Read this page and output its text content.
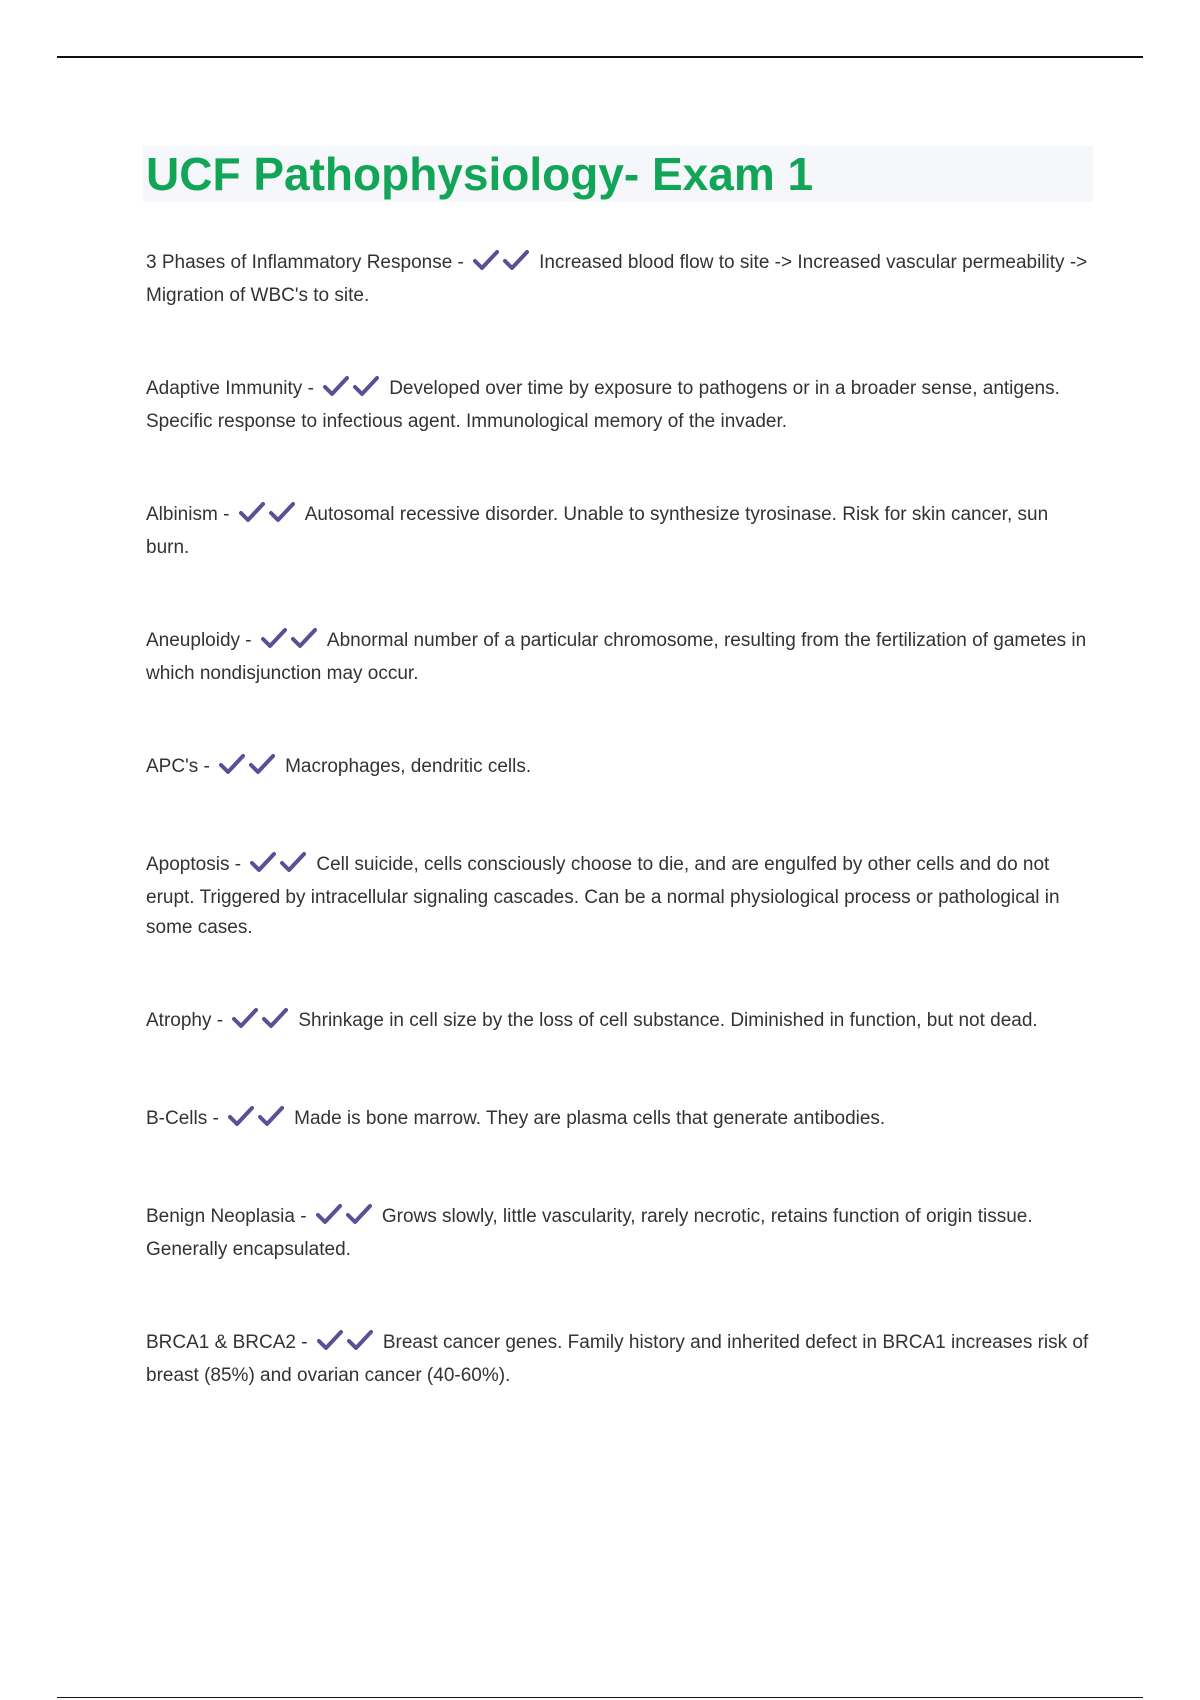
UCF Pathophysiology- Exam 1

3 Phases of Inflammatory Response -	Increased blood flow to site -> Increased vascular permeability -> Migration of WBC's to site.

Adaptive Immunity -	Developed over time by exposure to pathogens or in a broader sense, antigens. Specific response to infectious agent. Immunological memory of the invader.

Albinism -	Autosomal recessive disorder. Unable to synthesize tyrosinase. Risk for skin cancer, sun burn.

Aneuploidy -	Abnormal number of a particular chromosome, resulting from the fertilization of gametes in which nondisjunction may occur.

APC's -	Macrophages, dendritic cells.

Apoptosis -	Cell suicide, cells consciously choose to die, and are engulfed by other cells and do not erupt. Triggered by intracellular signaling cascades. Can be a normal physiological process or pathological in some cases.

Atrophy -	Shrinkage in cell size by the loss of cell substance. Diminished in function, but not dead.

B-Cells -	Made is bone marrow. They are plasma cells that generate antibodies.

Benign Neoplasia -	Grows slowly, little vascularity, rarely necrotic, retains function of origin tissue. Generally encapsulated.

BRCA1 & BRCA2 -	Breast cancer genes. Family history and inherited defect in BRCA1 increases risk of breast (85%) and ovarian cancer (40-60%).
